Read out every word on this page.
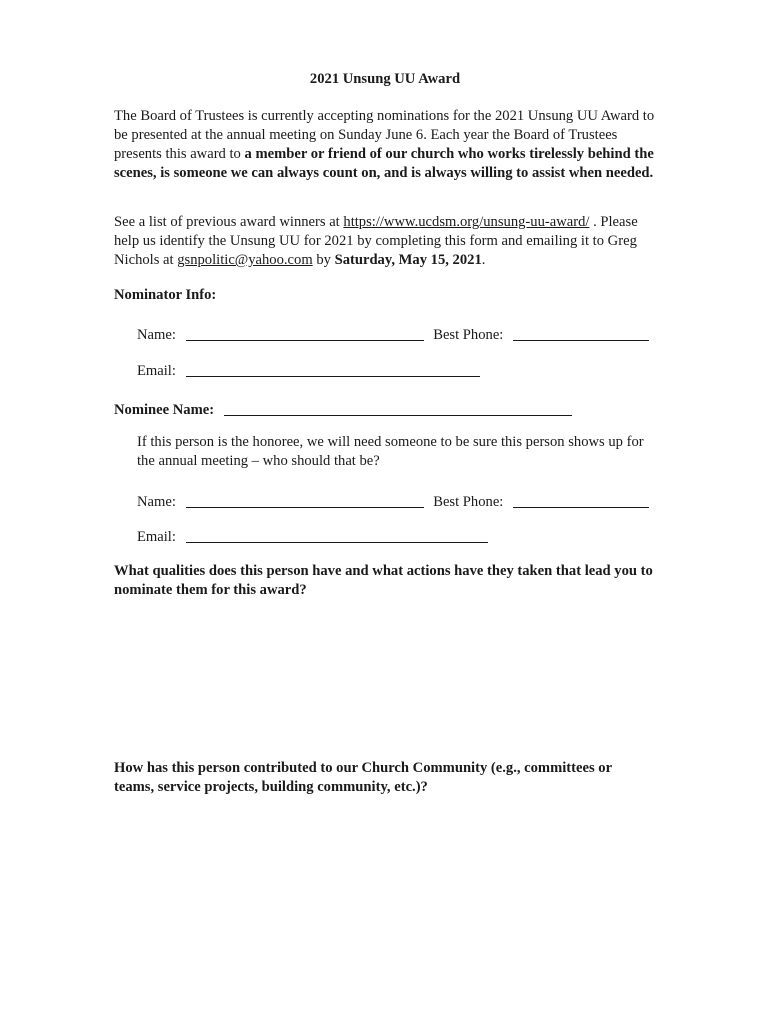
2021 Unsung UU Award
The Board of Trustees is currently accepting nominations for the 2021 Unsung UU Award to be presented at the annual meeting on Sunday June 6. Each year the Board of Trustees presents this award to a member or friend of our church who works tirelessly behind the scenes, is someone we can always count on, and is always willing to assist when needed.
See a list of previous award winners at https://www.ucdsm.org/unsung-uu-award/ . Please help us identify the Unsung UU for 2021 by completing this form and emailing it to Greg Nichols at gsnpolitic@yahoo.com by Saturday, May 15, 2021.
Nominator Info:
Name:	Best Phone:
Email:
Nominee Name:
If this person is the honoree, we will need someone to be sure this person shows up for the annual meeting – who should that be?
Name:	Best Phone:
Email:
What qualities does this person have and what actions have they taken that lead you to nominate them for this award?
How has this person contributed to our Church Community (e.g., committees or teams, service projects, building community, etc.)?
